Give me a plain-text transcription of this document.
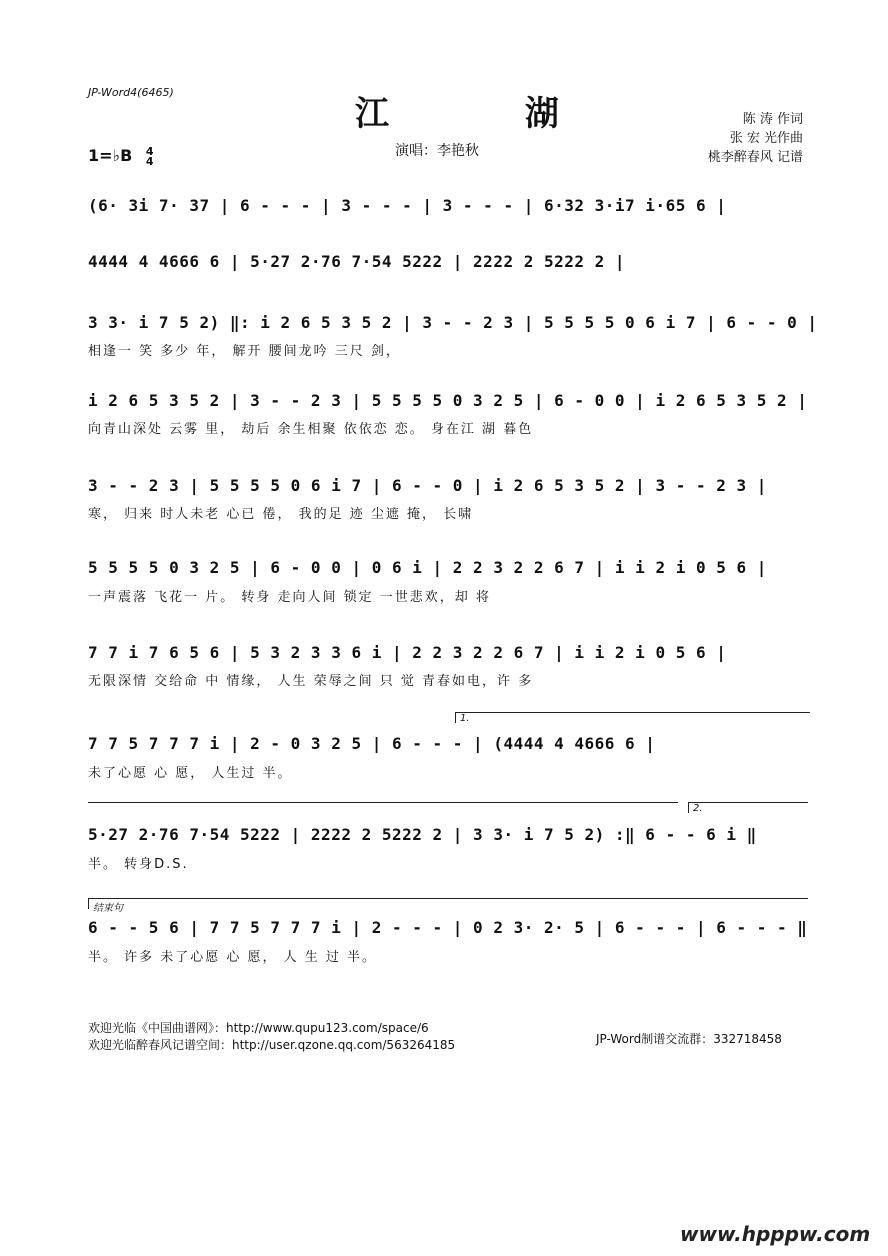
JP-Word4(6465)
江 湖	陈 涛 作词
张 宏 光作曲
桃李醉春风 记谱
1=♭B 4
4
演唱：李艳秋
(6· 3i 7· 37 | 6 - - - | 3 - - - | 3 - - - | 6·32 3·i7 i·65 6 |
4444 4 4666 6 | 5·27 2·76 7·54 5222 | 2222 2 5222 2 |
3 3· i 7 5 2) ‖: i 2 6 5 3 5 2 | 3 - - 2 3 | 5 5 5 5 0 6 i 7 | 6 - - 0 |
相逢一 笑 多少 年， 解开 腰间龙吟 三尺 剑，
i 2 6 5 3 5 2 | 3 - - 2 3 | 5 5 5 5 0 3 2 5 | 6 - 0 0 | i 2 6 5 3 5 2 |
向青山深处 云雾 里， 劫后 余生相聚 依依恋 恋。 身在江 湖 暮色
3 - - 2 3 | 5 5 5 5 0 6 i 7 | 6 - - 0 | i 2 6 5 3 5 2 | 3 - - 2 3 |
寒， 归来 时人未老 心已 倦， 我的足 迹 尘遮 掩， 长啸
5 5 5 5 0 3 2 5 | 6 - 0 0 | 0 6 i | 2 2 3 2 2 6 7 | i i 2 i 0 5 6 |
一声震落 飞花一 片。 转身 走向人间 锁定 一世悲欢，却 将
7 7 i 7 6 5 6 | 5 3 2 3 3 6 i | 2 2 3 2 2 6 7 | i i 2 i 0 5 6 |
无限深情 交给命 中 情缘， 人生 荣辱之间 只 觉 青春如电，许 多
1.
7 7 5 7 7 7 i | 2 - 0 3 2 5 | 6 - - - | (4444 4 4666 6 |
未了心愿 心 愿， 人生过 半。
2.
5·27 2·76 7·54 5222 | 2222 2 5222 2 | 3 3· i 7 5 2) :‖ 6 - - 6 i ‖
半。 转身D.S.
结束句
6 - - 5 6 | 7 7 5 7 7 7 i | 2 - - - | 0 2 3· 2· 5 | 6 - - - | 6 - - - ‖
半。 许多 未了心愿 心 愿， 人 生 过 半。
欢迎光临《中国曲谱网》：http://www.qupu123.com/space/6
欢迎光临醉春风记谱空间：http://user.qzone.qq.com/563264185	JP-Word制谱交流群：332718458
www.hpppw.com
